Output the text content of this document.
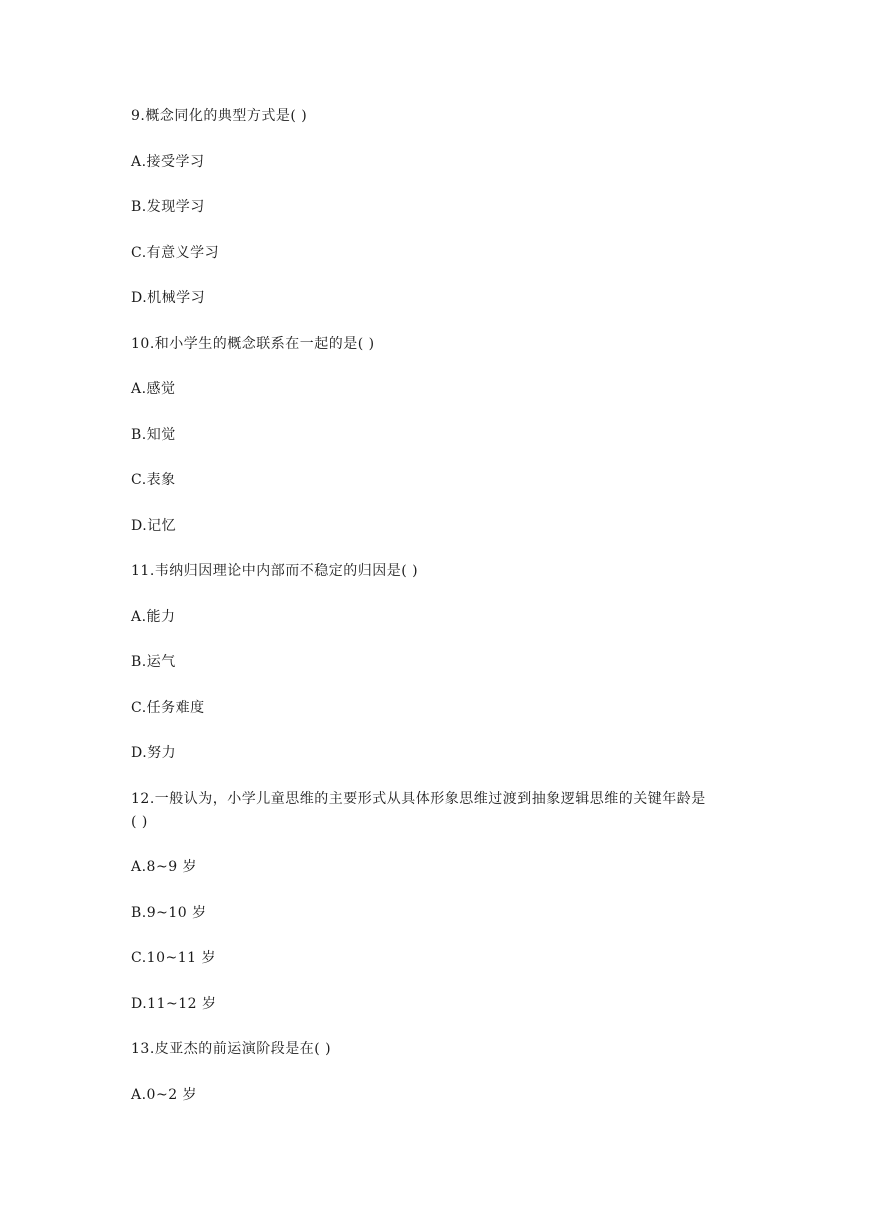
9.概念同化的典型方式是( )
A.接受学习
B.发现学习
C.有意义学习
D.机械学习
10.和小学生的概念联系在一起的是( )
A.感觉
B.知觉
C.表象
D.记忆
11.韦纳归因理论中内部而不稳定的归因是( )
A.能力
B.运气
C.任务难度
D.努力
12.一般认为，小学儿童思维的主要形式从具体形象思维过渡到抽象逻辑思维的关键年龄是
( )
A.8~9 岁
B.9~10 岁
C.10~11 岁
D.11~12 岁
13.皮亚杰的前运演阶段是在( )
A.0~2 岁
